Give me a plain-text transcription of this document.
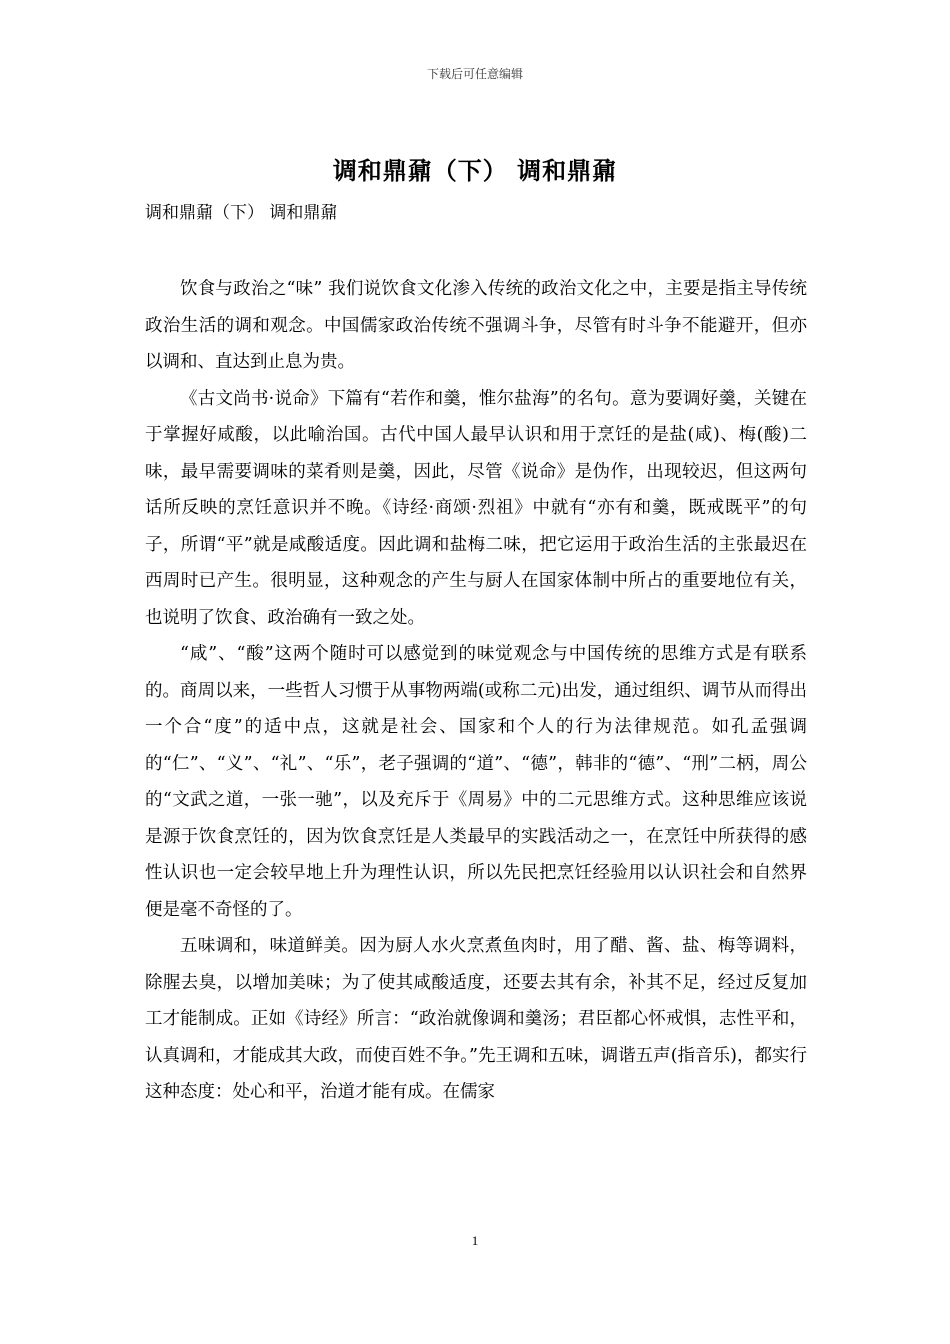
下载后可任意编辑
调和鼎鼐（下） 调和鼎鼐
调和鼎鼐（下） 调和鼎鼐

饮食与政治之“味” 我们说饮食文化渗入传统的政治文化之中，主要是指主导传统政治生活的调和观念。中国儒家政治传统不强调斗争，尽管有时斗争不能避开，但亦以调和、直达到止息为贵。

《古文尚书·说命》下篇有“若作和羹，惟尔盐海”的名句。意为要调好羹，关键在于掌握好咸酸，以此喻治国。古代中国人最早认识和用于烹饪的是盐(咸)、梅(酸)二味，最早需要调味的菜肴则是羹，因此，尽管《说命》是伪作，出现较迟，但这两句话所反映的烹饪意识并不晚。《诗经·商颂·烈祖》中就有“亦有和羹，既戒既平”的句子，所谓“平”就是咸酸适度。因此调和盐梅二味，把它运用于政治生活的主张最迟在西周时已产生。很明显，这种观念的产生与厨人在国家体制中所占的重要地位有关，也说明了饮食、政治确有一致之处。

“咸”、“酸”这两个随时可以感觉到的味觉观念与中国传统的思维方式是有联系的。商周以来，一些哲人习惯于从事物两端(或称二元)出发，通过组织、调节从而得出一个合“度”的适中点，这就是社会、国家和个人的行为法律规范。如孔孟强调的“仁”、“义”、“礼”、“乐”，老子强调的“道”、“德”，韩非的“德”、“刑”二柄，周公的“文武之道，一张一驰”，以及充斥于《周易》中的二元思维方式。这种思维应该说是源于饮食烹饪的，因为饮食烹饪是人类最早的实践活动之一，在烹饪中所获得的感性认识也一定会较早地上升为理性认识，所以先民把烹饪经验用以认识社会和自然界便是毫不奇怪的了。

五味调和，味道鲜美。因为厨人水火烹煮鱼肉时，用了醋、酱、盐、梅等调料，除腥去臭，以增加美味；为了使其咸酸适度，还要去其有余，补其不足，经过反复加工才能制成。正如《诗经》所言：“政治就像调和羹汤；君臣都心怀戒惧，志性平和，认真调和，才能成其大政，而使百姓不争。”先王调和五味，调谐五声(指音乐)，都实行这种态度：处心和平，治道才能有成。在儒家

1
